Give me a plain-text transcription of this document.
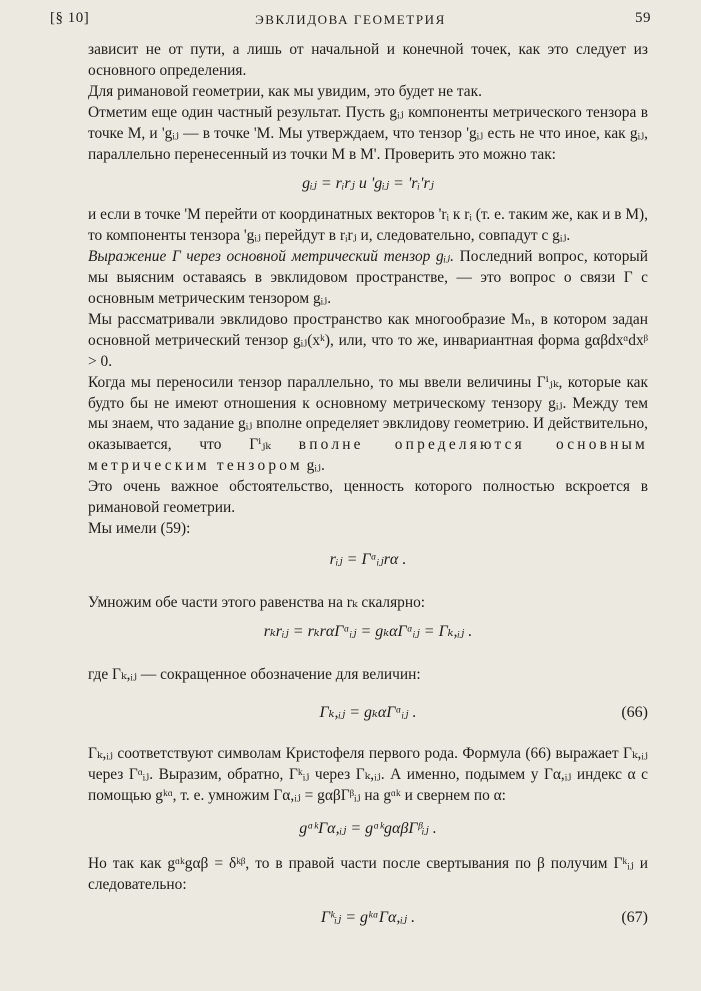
[§ 10]	ЭВКЛИДОВА ГЕОМЕТРИЯ	59

зависит не от пути, а лишь от начальной и конечной точек, как это следует из основного определения.

Для римановой геометрии, как мы увидим, это будет не так.

Отметим еще один частный результат. Пусть gᵢⱼ компоненты метрического тензора в точке M, и 'gᵢⱼ — в точке 'M. Мы утверждаем, что тензор 'gᵢⱼ есть не что иное, как gᵢⱼ, параллельно перенесенный из точки M в M'. Проверить это можно так:

gᵢⱼ = rᵢrⱼ и 'gᵢⱼ = 'rᵢ'rⱼ

и если в точке 'M перейти от координатных векторов 'rᵢ к rᵢ (т. е. таким же, как и в M), то компоненты тензора 'gᵢⱼ перейдут в rᵢrⱼ и, следовательно, совпадут с gᵢⱼ.

Выражение Γ через основной метрический тензор gᵢⱼ. Последний вопрос, который мы выясним оставаясь в эвклидовом пространстве, — это вопрос о связи Γ с основным метрическим тензором gᵢⱼ.

Мы рассматривали эвклидово пространство как многообразие Mₙ, в котором задан основной метрический тензор gᵢⱼ(xᵏ), или, что то же, инвариантная форма gαβdxᵅdxᵝ > 0.

Когда мы переносили тензор параллельно, то мы ввели величины Γⁱⱼₖ, которые как будто бы не имеют отношения к основному метрическому тензору gᵢⱼ. Между тем мы знаем, что задание gᵢⱼ вполне определяет эвклидову геометрию. И действительно, оказывается, что Γⁱⱼₖ вполне определяются основным метрическим тензором gᵢⱼ.

Это очень важное обстоятельство, ценность которого полностью вскроется в римановой геометрии.

Мы имели (59):

rᵢⱼ = Γᵅᵢⱼrα .

Умножим обе части этого равенства на rₖ скалярно:

rₖrᵢⱼ = rₖrαΓᵅᵢⱼ = gₖαΓᵅᵢⱼ = Γₖ,ᵢⱼ .

где Γₖ,ᵢⱼ — сокращенное обозначение для величин:

Γₖ,ᵢⱼ = gₖαΓᵅᵢⱼ .	(66)

Γₖ,ᵢⱼ соответствуют символам Кристофеля первого рода. Формула (66) выражает Γₖ,ᵢⱼ через Γᵅᵢⱼ. Выразим, обратно, Γᵏᵢⱼ через Γₖ,ᵢⱼ. А именно, подымем у Γα,ᵢⱼ индекс α с помощью gᵏᵅ, т. е. умножим Γα,ᵢⱼ = gαβΓᵝᵢⱼ на gᵅᵏ и свернем по α:

gᵅᵏΓα,ᵢⱼ = gᵅᵏgαβΓᵝᵢⱼ .

Но так как gᵅᵏgαβ = δᵏᵝ, то в правой части после свертывания по β получим Γᵏᵢⱼ и следовательно:

Γᵏᵢⱼ = gᵏᵅΓα,ᵢⱼ .	(67)
